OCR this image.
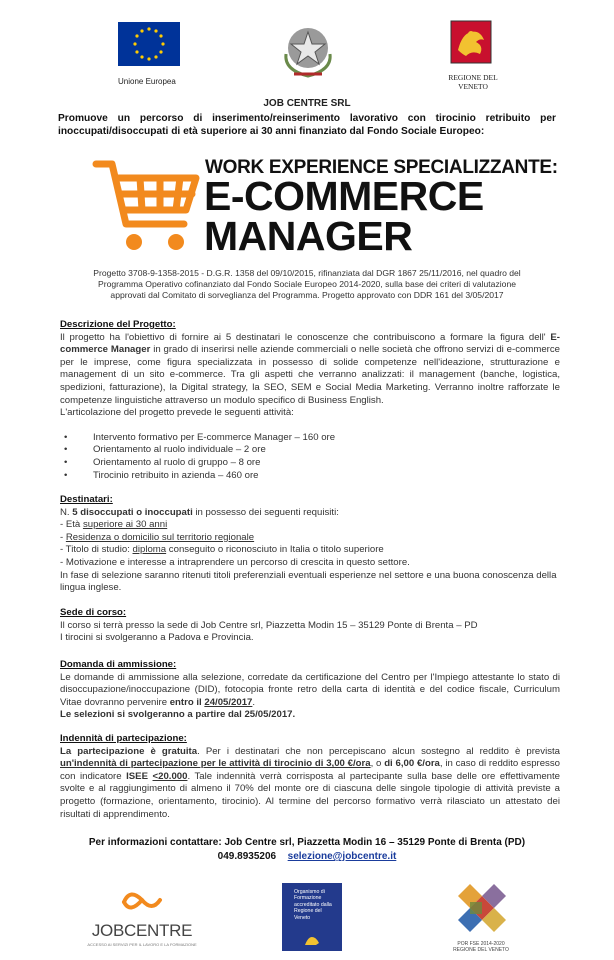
Unione Europea	REGIONE DEL VENETO
JOB CENTRE SRL
Promuove un percorso di inserimento/reinserimento lavorativo con tirocinio retribuito per inoccupati/disoccupati di età superiore ai 30 anni finanziato dal Fondo Sociale Europeo:
WORK EXPERIENCE SPECIALIZZANTE:
E-COMMERCE
MANAGER
Progetto 3708-9-1358-2015 - D.G.R. 1358 del 09/10/2015, rifinanziata dal DGR 1867 25/11/2016, nel quadro del Programma Operativo cofinanziato dal Fondo Sociale Europeo 2014-2020, sulla base dei criteri di valutazione approvati dal Comitato di sorveglianza del Programma. Progetto approvato con DDR 161 del 3/05/2017

Descrizione del Progetto:

Il progetto ha l'obiettivo di fornire ai 5 destinatari le conoscenze che contribuiscono a formare la figura dell' E-commerce Manager in grado di inserirsi nelle aziende commerciali o nelle società che offrono servizi di e-commerce per le imprese, come figura specializzata in possesso di solide competenze nell'ideazione, strutturazione e management di un sito e-commerce. Tra gli aspetti che verranno analizzati: il management (banche, logistica, spedizioni, fatturazione), la Digital strategy, la SEO, SEM e Social Media Marketing. Verranno inoltre rafforzate le competenze linguistiche attraverso un modulo specifico di Business English.

L'articolazione del progetto prevede le seguenti attività:

• Intervento formativo per E-commerce Manager – 160 ore
• Orientamento al ruolo individuale – 2 ore
• Orientamento al ruolo di gruppo – 8 ore
• Tirocinio retribuito in azienda – 460 ore

Destinatari:

N. 5 disoccupati o inoccupati in possesso dei seguenti requisiti:

- Età superiore ai 30 anni

- Residenza o domicilio sul territorio regionale

- Titolo di studio: diploma conseguito o riconosciuto in Italia o titolo superiore

- Motivazione e interesse a intraprendere un percorso di crescita in questo settore.

In fase di selezione saranno ritenuti titoli preferenziali eventuali esperienze nel settore e una buona conoscenza della lingua inglese.

Sede di corso:

Il corso si terrà presso la sede di Job Centre srl, Piazzetta Modin 15 – 35129 Ponte di Brenta – PD

I tirocini si svolgeranno a Padova e Provincia.

Domanda di ammissione:

Le domande di ammissione alla selezione, corredate da certificazione del Centro per l'Impiego attestante lo stato di disoccupazione/inoccupazione (DID), fotocopia fronte retro della carta di identità e del codice fiscale, Curriculum Vitae dovranno pervenire entro il 24/05/2017.

Le selezioni si svolgeranno a partire dal 25/05/2017.

Indennità di partecipazione:

La partecipazione è gratuita. Per i destinatari che non percepiscano alcun sostegno al reddito è prevista un'indennità di partecipazione per le attività di tirocinio di 3,00 €/ora, o di 6,00 €/ora, in caso di reddito espresso con indicatore ISEE <20.000. Tale indennità verrà corrisposta al partecipante sulla base delle ore effettivamente svolte e al raggiungimento di almeno il 70% del monte ore di ciascuna delle singole tipologie di attività previste a progetto (formazione, orientamento, tirocinio). Al termine del percorso formativo verrà rilasciato un attestato dei risultati di apprendimento.

Per informazioni contattare: Job Centre srl, Piazzetta Modin 16 – 35129 Ponte di Brenta (PD)
049.8935206 selezione@jobcentre.it
JOBCENTRE
ACCESSO AI SERVIZI PER IL LAVORO E LA FORMAZIONE
Organismo di Formazione accreditato dalla Regione del Veneto
POR FSE 2014-2020 REGIONE DEL VENETO
